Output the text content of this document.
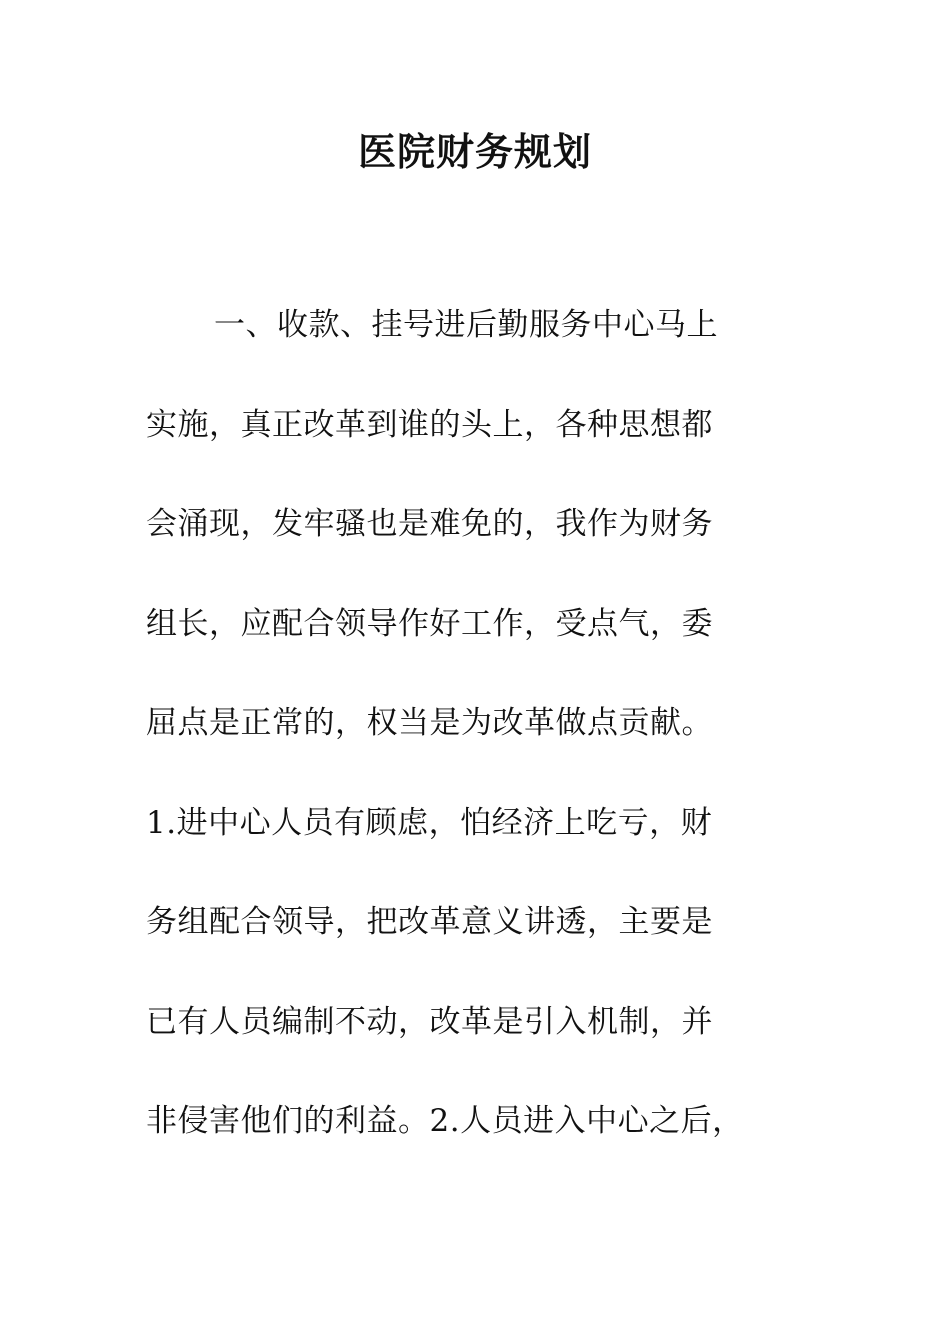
医院财务规划
一、收款、挂号进后勤服务中心马上
实施，真正改革到谁的头上，各种思想都
会涌现，发牢骚也是难免的，我作为财务
组长，应配合领导作好工作，受点气，委
屈点是正常的，权当是为改革做点贡献。
1.进中心人员有顾虑，怕经济上吃亏，财
务组配合领导，把改革意义讲透，主要是
已有人员编制不动，改革是引入机制，并
非侵害他们的利益。2.人员进入中心之后，
